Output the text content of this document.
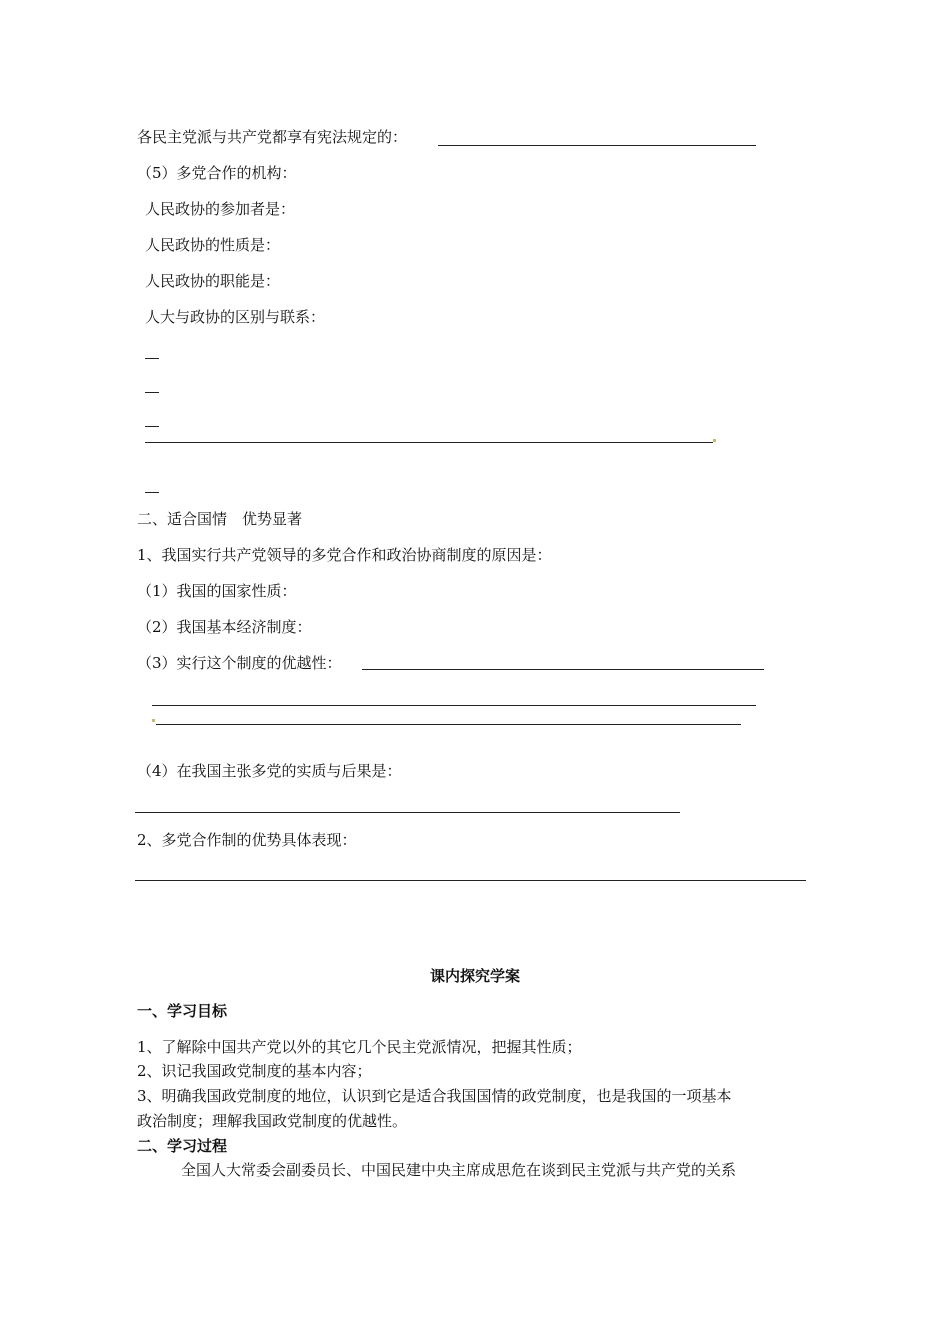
各民主党派与共产党都享有宪法规定的：
（5）多党合作的机构：
人民政协的参加者是：
人民政协的性质是：
人民政协的职能是：
人大与政协的区别与联系：
二、适合国情　优势显著
1、我国实行共产党领导的多党合作和政治协商制度的原因是：
（1）我国的国家性质：
（2）我国基本经济制度：
（3）实行这个制度的优越性：
（4）在我国主张多党的实质与后果是：
2、多党合作制的优势具体表现：
课内探究学案
一、学习目标
1、了解除中国共产党以外的其它几个民主党派情况，把握其性质；
2、识记我国政党制度的基本内容；
3、明确我国政党制度的地位，认识到它是适合我国国情的政党制度，也是我国的一项基本
政治制度；理解我国政党制度的优越性。
二、学习过程
全国人大常委会副委员长、中国民建中央主席成思危在谈到民主党派与共产党的关系
